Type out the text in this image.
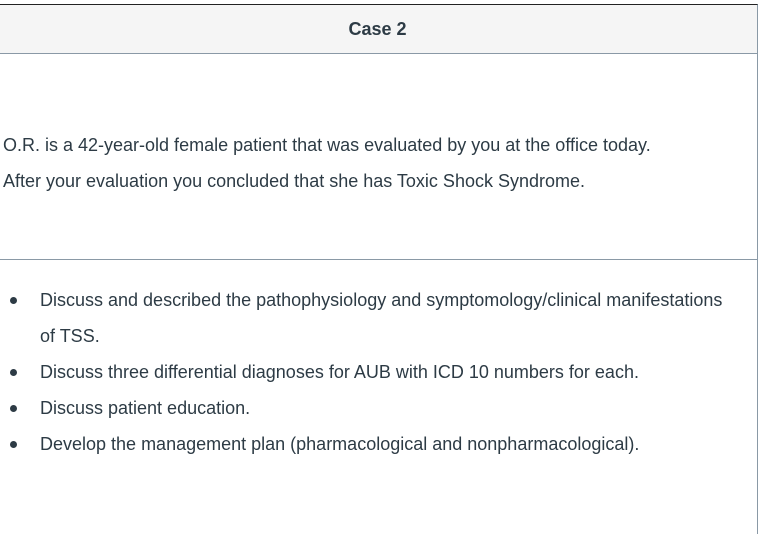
Case 2

O.R. is a 42-year-old female patient that was evaluated by you at the office today.

After your evaluation you concluded that she has Toxic Shock Syndrome.

Discuss and described the pathophysiology and symptomology/clinical manifestations of TSS.
Discuss three differential diagnoses for AUB with ICD 10 numbers for each.
Discuss patient education.
Develop the management plan (pharmacological and nonpharmacological).
